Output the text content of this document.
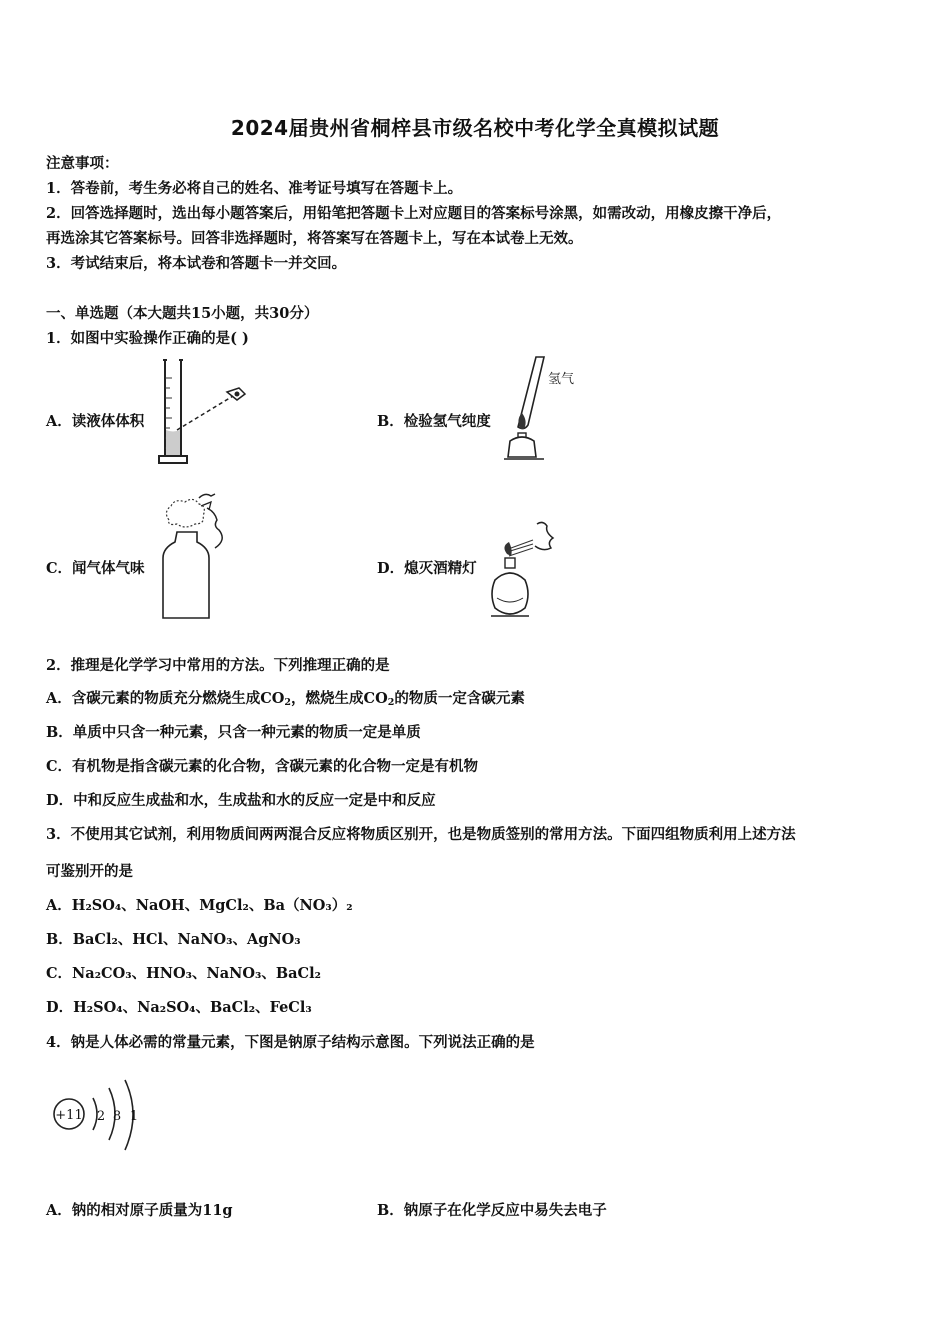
2024届贵州省桐梓县市级名校中考化学全真模拟试题
注意事项：
1．答卷前，考生务必将自己的姓名、准考证号填写在答题卡上。
2．回答选择题时，选出每小题答案后，用铅笔把答题卡上对应题目的答案标号涂黑，如需改动，用橡皮擦干净后，
再选涂其它答案标号。回答非选择题时，将答案写在答题卡上，写在本试卷上无效。
3．考试结束后，将本试卷和答题卡一并交回。
一、单选题（本大题共15小题，共30分）
1．如图中实验操作正确的是( )
A．读液体体积	B．检验氢气纯度
C．闻气体气味	D．熄灭酒精灯
氢气
2．推理是化学学习中常用的方法。下列推理正确的是
A．含碳元素的物质充分燃烧生成$CO_2$，燃烧生成$CO_2$的物质一定含碳元素
B．单质中只含一种元素，只含一种元素的物质一定是单质
C．有机物是指含碳元素的化合物，含碳元素的化合物一定是有机物
D．中和反应生成盐和水，生成盐和水的反应一定是中和反应
3．不使用其它试剂，利用物质间两两混合反应将物质区别开，也是物质签别的常用方法。下面四组物质利用上述方法
可鉴别开的是
A．H₂SO₄、NaOH、MgCl₂、Ba（NO₃）₂
B．BaCl₂、HCl、NaNO₃、AgNO₃
C．Na₂CO₃、HNO₃、NaNO₃、BaCl₂
D．H₂SO₄、Na₂SO₄、BaCl₂、FeCl₃
4．钠是人体必需的常量元素，下图是钠原子结构示意图。下列说法正确的是
+11 2 8 1
A．钠的相对原子质量为11g	B．钠原子在化学反应中易失去电子
